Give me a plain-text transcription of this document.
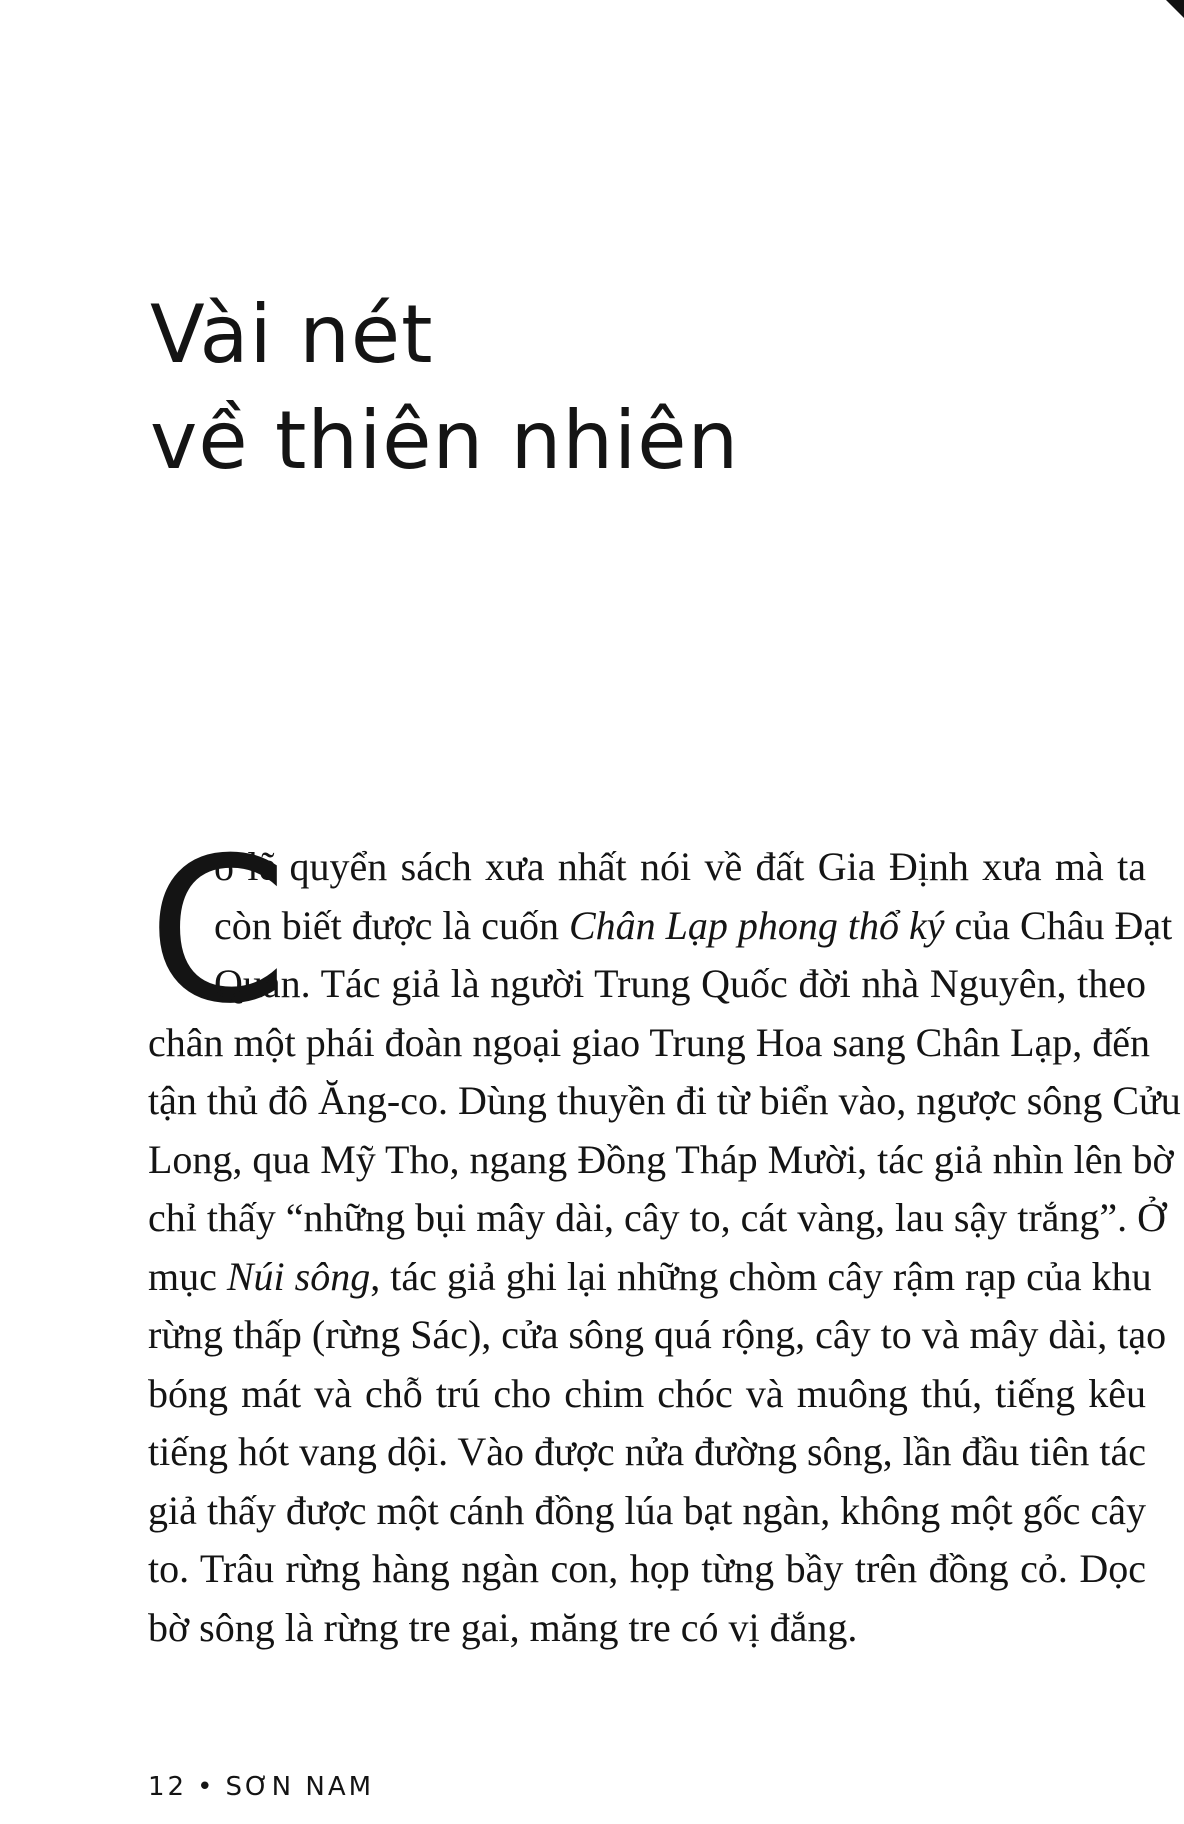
Vài nét
về thiên nhiên
C
ó lẽ quyển sách xưa nhất nói về đất Gia Định xưa mà ta
còn biết được là cuốn Chân Lạp phong thổ ký của Châu Đạt
Quan. Tác giả là người Trung Quốc đời nhà Nguyên, theo
chân một phái đoàn ngoại giao Trung Hoa sang Chân Lạp, đến
tận thủ đô Ăng-co. Dùng thuyền đi từ biển vào, ngược sông Cửu
Long, qua Mỹ Tho, ngang Đồng Tháp Mười, tác giả nhìn lên bờ
chỉ thấy “những bụi mây dài, cây to, cát vàng, lau sậy trắng”. Ở
mục Núi sông, tác giả ghi lại những chòm cây rậm rạp của khu
rừng thấp (rừng Sác), cửa sông quá rộng, cây to và mây dài, tạo
bóng mát và chỗ trú cho chim chóc và muông thú, tiếng kêu
tiếng hót vang dội. Vào được nửa đường sông, lần đầu tiên tác
giả thấy được một cánh đồng lúa bạt ngàn, không một gốc cây
to. Trâu rừng hàng ngàn con, họp từng bầy trên đồng cỏ. Dọc
bờ sông là rừng tre gai, măng tre có vị đắng.
12 • SƠN NAM
